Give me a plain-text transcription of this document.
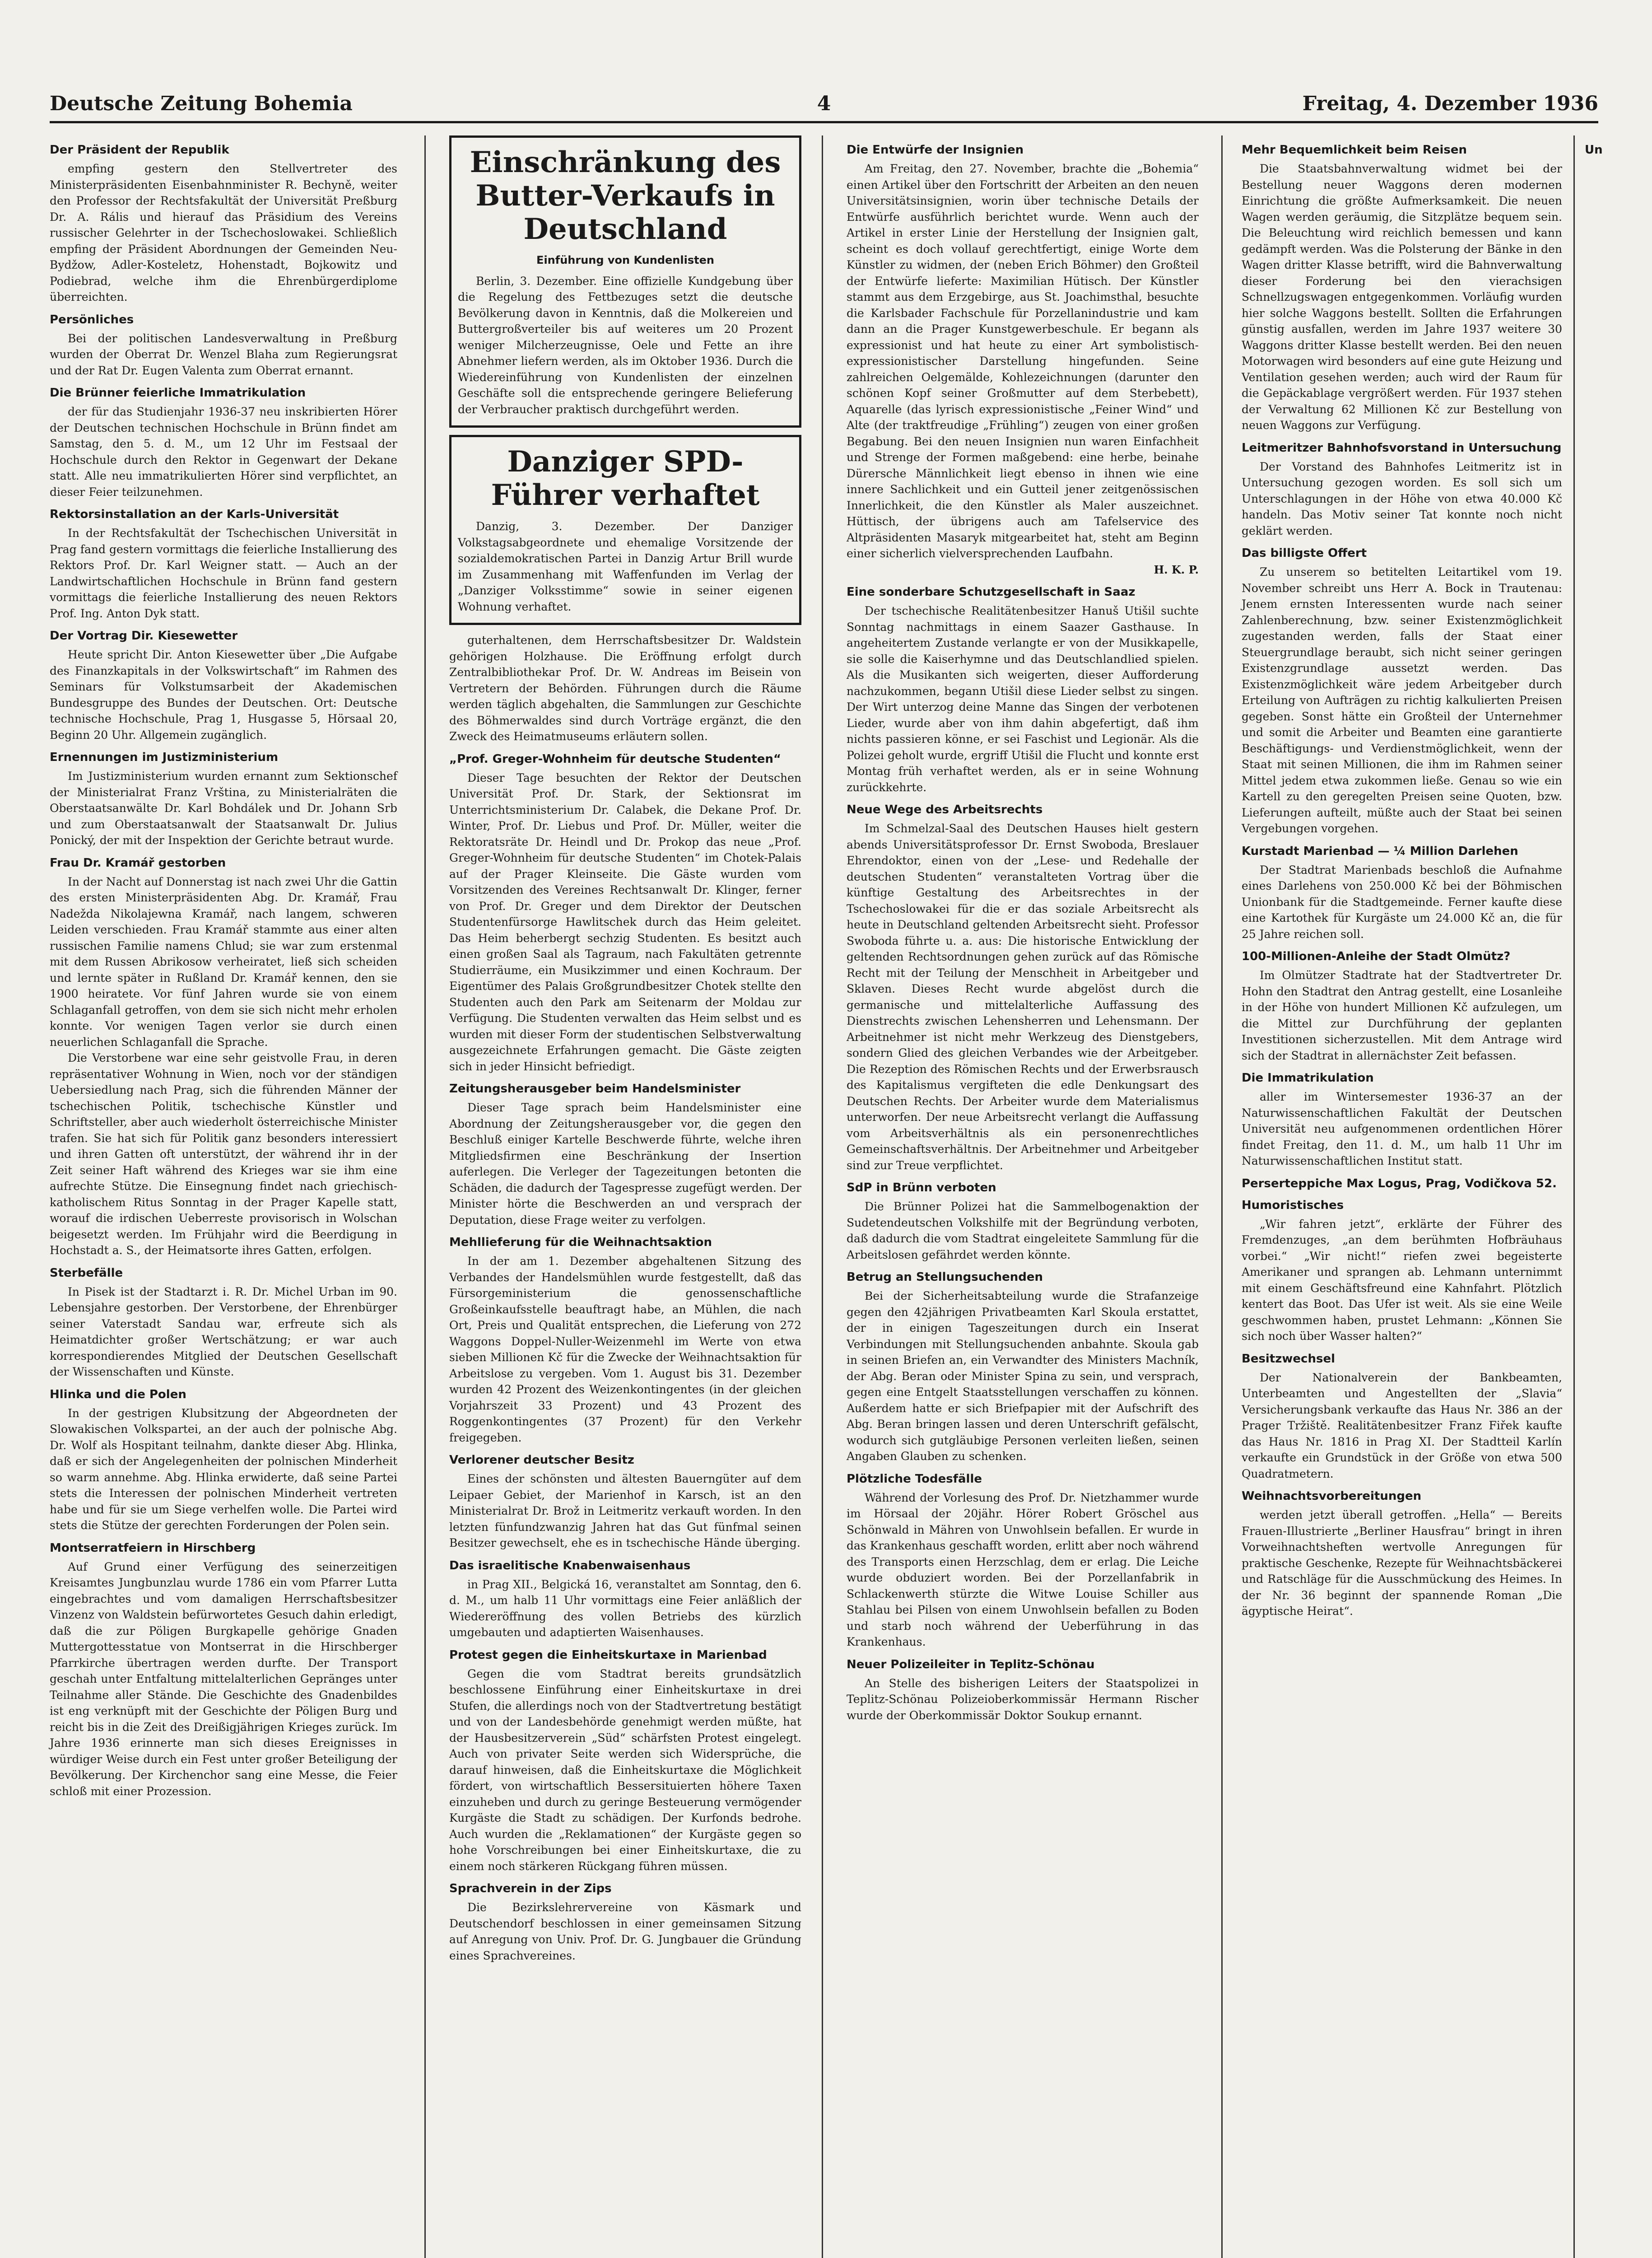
Deutsche Zeitung Bohemia	4	Freitag, 4. Dezember 1936
Der Präsident der Republik

empfing gestern den Stellvertreter des Ministerpräsidenten Eisenbahnminister R. Bechyně, weiter den Professor der Rechtsfakultät der Universität Preßburg Dr. A. Rális und hierauf das Präsidium des Vereins russischer Gelehrter in der Tschechoslowakei. Schließlich empfing der Präsident Abordnungen der Gemeinden Neu-Bydžow, Adler-Kosteletz, Hohenstadt, Bojkowitz und Podiebrad, welche ihm die Ehrenbürgerdiplome überreichten.

Persönliches

Bei der politischen Landesverwaltung in Preßburg wurden der Oberrat Dr. Wenzel Blaha zum Regierungsrat und der Rat Dr. Eugen Valenta zum Oberrat ernannt.

Die Brünner feierliche Immatrikulation

der für das Studienjahr 1936-37 neu inskribierten Hörer der Deutschen technischen Hochschule in Brünn findet am Samstag, den 5. d. M., um 12 Uhr im Festsaal der Hochschule durch den Rektor in Gegenwart der Dekane statt. Alle neu immatrikulierten Hörer sind verpflichtet, an dieser Feier teilzunehmen.

Rektorsinstallation an der Karls-Universität

In der Rechtsfakultät der Tschechischen Universität in Prag fand gestern vormittags die feierliche Installierung des Rektors Prof. Dr. Karl Weigner statt. — Auch an der Landwirtschaftlichen Hochschule in Brünn fand gestern vormittags die feierliche Installierung des neuen Rektors Prof. Ing. Anton Dyk statt.

Der Vortrag Dir. Kiesewetter

Heute spricht Dir. Anton Kiesewetter über „Die Aufgabe des Finanzkapitals in der Volkswirtschaft“ im Rahmen des Seminars für Volkstumsarbeit der Akademischen Bundesgruppe des Bundes der Deutschen. Ort: Deutsche technische Hochschule, Prag 1, Husgasse 5, Hörsaal 20, Beginn 20 Uhr. Allgemein zugänglich.

Ernennungen im Justizministerium

Im Justizministerium wurden ernannt zum Sektionschef der Ministerialrat Franz Vrština, zu Ministerialräten die Oberstaatsanwälte Dr. Karl Bohdálek und Dr. Johann Srb und zum Oberstaatsanwalt der Staatsanwalt Dr. Julius Ponický, der mit der Inspektion der Gerichte betraut wurde.

Frau Dr. Kramář gestorben

In der Nacht auf Donnerstag ist nach zwei Uhr die Gattin des ersten Ministerpräsidenten Abg. Dr. Kramář, Frau Nadežda Nikolajewna Kramář, nach langem, schweren Leiden verschieden. Frau Kramář stammte aus einer alten russischen Familie namens Chlud; sie war zum erstenmal mit dem Russen Abrikosow verheiratet, ließ sich scheiden und lernte später in Rußland Dr. Kramář kennen, den sie 1900 heiratete. Vor fünf Jahren wurde sie von einem Schlaganfall getroffen, von dem sie sich nicht mehr erholen konnte. Vor wenigen Tagen verlor sie durch einen neuerlichen Schlaganfall die Sprache.

Die Verstorbene war eine sehr geistvolle Frau, in deren repräsentativer Wohnung in Wien, noch vor der ständigen Uebersiedlung nach Prag, sich die führenden Männer der tschechischen Politik, tschechische Künstler und Schriftsteller, aber auch wiederholt österreichische Minister trafen. Sie hat sich für Politik ganz besonders interessiert und ihren Gatten oft unterstützt, der während ihr in der Zeit seiner Haft während des Krieges war sie ihm eine aufrechte Stütze. Die Einsegnung findet nach griechisch-katholischem Ritus Sonntag in der Prager Kapelle statt, worauf die irdischen Ueberreste provisorisch in Wolschan beigesetzt werden. Im Frühjahr wird die Beerdigung in Hochstadt a. S., der Heimatsorte ihres Gatten, erfolgen.

Sterbefälle

In Pisek ist der Stadtarzt i. R. Dr. Michel Urban im 90. Lebensjahre gestorben. Der Verstorbene, der Ehrenbürger seiner Vaterstadt Sandau war, erfreute sich als Heimatdichter großer Wertschätzung; er war auch korrespondierendes Mitglied der Deutschen Gesellschaft der Wissenschaften und Künste.

Hlinka und die Polen

In der gestrigen Klubsitzung der Abgeordneten der Slowakischen Volkspartei, an der auch der polnische Abg. Dr. Wolf als Hospitant teilnahm, dankte dieser Abg. Hlinka, daß er sich der Angelegenheiten der polnischen Minderheit so warm annehme. Abg. Hlinka erwiderte, daß seine Partei stets die Interessen der polnischen Minderheit vertreten habe und für sie um Siege verhelfen wolle. Die Partei wird stets die Stütze der gerechten Forderungen der Polen sein.

Montserratfeiern in Hirschberg

Auf Grund einer Verfügung des seinerzeitigen Kreisamtes Jungbunzlau wurde 1786 ein vom Pfarrer Lutta eingebrachtes und vom damaligen Herrschaftsbesitzer Vinzenz von Waldstein befürwortetes Gesuch dahin erledigt, daß die zur Pöligen Burgkapelle gehörige Gnaden Muttergottesstatue von Montserrat in die Hirschberger Pfarrkirche übertragen werden durfte. Der Transport geschah unter Entfaltung mittelalterlichen Gepränges unter Teilnahme aller Stände. Die Geschichte des Gnadenbildes ist eng verknüpft mit der Geschichte der Pöligen Burg und reicht bis in die Zeit des Dreißigjährigen Krieges zurück. Im Jahre 1936 erinnerte man sich dieses Ereignisses in würdiger Weise durch ein Fest unter großer Beteiligung der Bevölkerung. Der Kirchenchor sang eine Messe, die Feier schloß mit einer Prozession.

Einschränkung des Butter-Verkaufs in Deutschland
Einführung von Kundenlisten

Berlin, 3. Dezember. Eine offizielle Kundgebung über die Regelung des Fettbezuges setzt die deutsche Bevölkerung davon in Kenntnis, daß die Molkereien und Buttergroßverteiler bis auf weiteres um 20 Prozent weniger Milcherzeugnisse, Oele und Fette an ihre Abnehmer liefern werden, als im Oktober 1936. Durch die Wiedereinführung von Kundenlisten der einzelnen Geschäfte soll die entsprechende geringere Belieferung der Verbraucher praktisch durchgeführt werden.

Danziger SPD-Führer verhaftet

Danzig, 3. Dezember. Der Danziger Volkstagsabgeordnete und ehemalige Vorsitzende der sozialdemokratischen Partei in Danzig Artur Brill wurde im Zusammenhang mit Waffenfunden im Verlag der „Danziger Volksstimme“ sowie in seiner eigenen Wohnung verhaftet.

guterhaltenen, dem Herrschaftsbesitzer Dr. Waldstein gehörigen Holzhause. Die Eröffnung erfolgt durch Zentralbibliothekar Prof. Dr. W. Andreas im Beisein von Vertretern der Behörden. Führungen durch die Räume werden täglich abgehalten, die Sammlungen zur Geschichte des Böhmerwaldes sind durch Vorträge ergänzt, die den Zweck des Heimatmuseums erläutern sollen.

„Prof. Greger-Wohnheim für deutsche Studenten“

Dieser Tage besuchten der Rektor der Deutschen Universität Prof. Dr. Stark, der Sektionsrat im Unterrichtsministerium Dr. Calabek, die Dekane Prof. Dr. Winter, Prof. Dr. Liebus und Prof. Dr. Müller, weiter die Rektoratsräte Dr. Heindl und Dr. Prokop das neue „Prof. Greger-Wohnheim für deutsche Studenten“ im Chotek-Palais auf der Prager Kleinseite. Die Gäste wurden vom Vorsitzenden des Vereines Rechtsanwalt Dr. Klinger, ferner von Prof. Dr. Greger und dem Direktor der Deutschen Studentenfürsorge Hawlitschek durch das Heim geleitet. Das Heim beherbergt sechzig Studenten. Es besitzt auch einen großen Saal als Tagraum, nach Fakultäten getrennte Studierräume, ein Musikzimmer und einen Kochraum. Der Eigentümer des Palais Großgrundbesitzer Chotek stellte den Studenten auch den Park am Seitenarm der Moldau zur Verfügung. Die Studenten verwalten das Heim selbst und es wurden mit dieser Form der studentischen Selbstverwaltung ausgezeichnete Erfahrungen gemacht. Die Gäste zeigten sich in jeder Hinsicht befriedigt.

Zeitungsherausgeber beim Handelsminister

Dieser Tage sprach beim Handelsminister eine Abordnung der Zeitungsherausgeber vor, die gegen den Beschluß einiger Kartelle Beschwerde führte, welche ihren Mitgliedsfirmen eine Beschränkung der Insertion auferlegen. Die Verleger der Tagezeitungen betonten die Schäden, die dadurch der Tagespresse zugefügt werden. Der Minister hörte die Beschwerden an und versprach der Deputation, diese Frage weiter zu verfolgen.

Mehllieferung für die Weihnachtsaktion

In der am 1. Dezember abgehaltenen Sitzung des Verbandes der Handelsmühlen wurde festgestellt, daß das Fürsorgeministerium die genossenschaftliche Großeinkaufsstelle beauftragt habe, an Mühlen, die nach Ort, Preis und Qualität entsprechen, die Lieferung von 272 Waggons Doppel-Nuller-Weizenmehl im Werte von etwa sieben Millionen Kč für die Zwecke der Weihnachtsaktion für Arbeitslose zu vergeben. Vom 1. August bis 31. Dezember wurden 42 Prozent des Weizenkontingentes (in der gleichen Vorjahrszeit 33 Prozent) und 43 Prozent des Roggenkontingentes (37 Prozent) für den Verkehr freigegeben.

Verlorener deutscher Besitz

Eines der schönsten und ältesten Bauerngüter auf dem Leipaer Gebiet, der Marienhof in Karsch, ist an den Ministerialrat Dr. Brož in Leitmeritz verkauft worden. In den letzten fünfundzwanzig Jahren hat das Gut fünfmal seinen Besitzer gewechselt, ehe es in tschechische Hände überging.

Das israelitische Knabenwaisenhaus

in Prag XII., Belgická 16, veranstaltet am Sonntag, den 6. d. M., um halb 11 Uhr vormittags eine Feier anläßlich der Wiedereröffnung des vollen Betriebs des kürzlich umgebauten und adaptierten Waisenhauses.

Protest gegen die Einheitskurtaxe in Marienbad

Gegen die vom Stadtrat bereits grundsätzlich beschlossene Einführung einer Einheitskurtaxe in drei Stufen, die allerdings noch von der Stadtvertretung bestätigt und von der Landesbehörde genehmigt werden müßte, hat der Hausbesitzerverein „Süd“ schärfsten Protest eingelegt. Auch von privater Seite werden sich Widersprüche, die darauf hinweisen, daß die Einheitskurtaxe die Möglichkeit fördert, von wirtschaftlich Bessersituierten höhere Taxen einzuheben und durch zu geringe Besteuerung vermögender Kurgäste die Stadt zu schädigen. Der Kurfonds bedrohe. Auch wurden die „Reklamationen“ der Kurgäste gegen so hohe Vorschreibungen bei einer Einheitskurtaxe, die zu einem noch stärkeren Rückgang führen müssen.

Sprachverein in der Zips

Die Bezirkslehrervereine von Käsmark und Deutschendorf beschlossen in einer gemeinsamen Sitzung auf Anregung von Univ. Prof. Dr. G. Jungbauer die Gründung eines Sprachvereines.

Die Entwürfe der Insignien

Am Freitag, den 27. November, brachte die „Bohemia“ einen Artikel über den Fortschritt der Arbeiten an den neuen Universitätsinsignien, worin über technische Details der Entwürfe ausführlich berichtet wurde. Wenn auch der Artikel in erster Linie der Herstellung der Insignien galt, scheint es doch vollauf gerechtfertigt, einige Worte dem Künstler zu widmen, der (neben Erich Böhmer) den Großteil der Entwürfe lieferte: Maximilian Hütisch. Der Künstler stammt aus dem Erzgebirge, aus St. Joachimsthal, besuchte die Karlsbader Fachschule für Porzellanindustrie und kam dann an die Prager Kunstgewerbeschule. Er begann als expressionist und hat heute zu einer Art symbolistisch-expressionistischer Darstellung hingefunden. Seine zahlreichen Oelgemälde, Kohlezeichnungen (darunter den schönen Kopf seiner Großmutter auf dem Sterbebett), Aquarelle (das lyrisch expressionistische „Feiner Wind“ und Alte (der traktfreudige „Frühling“) zeugen von einer großen Begabung. Bei den neuen Insignien nun waren Einfachheit und Strenge der Formen maßgebend: eine herbe, beinahe Dürersche Männlichkeit liegt ebenso in ihnen wie eine innere Sachlichkeit und ein Gutteil jener zeitgenössischen Innerlichkeit, die den Künstler als Maler auszeichnet. Hüttisch, der übrigens auch am Tafelservice des Altpräsidenten Masaryk mitgearbeitet hat, steht am Beginn einer sicherlich vielversprechenden Laufbahn.

H. K. P.
Eine sonderbare Schutzgesellschaft in Saaz

Der tschechische Realitätenbesitzer Hanuš Utišil suchte Sonntag nachmittags in einem Saazer Gasthause. In angeheitertem Zustande verlangte er von der Musikkapelle, sie solle die Kaiserhymne und das Deutschlandlied spielen. Als die Musikanten sich weigerten, dieser Aufforderung nachzukommen, begann Utišil diese Lieder selbst zu singen. Der Wirt unterzog deine Manne das Singen der verbotenen Lieder, wurde aber von ihm dahin abgefertigt, daß ihm nichts passieren könne, er sei Faschist und Legionär. Als die Polizei geholt wurde, ergriff Utišil die Flucht und konnte erst Montag früh verhaftet werden, als er in seine Wohnung zurückkehrte.

Neue Wege des Arbeitsrechts

Im Schmelzal-Saal des Deutschen Hauses hielt gestern abends Universitätsprofessor Dr. Ernst Swoboda, Breslauer Ehrendoktor, einen von der „Lese- und Redehalle der deutschen Studenten“ veranstalteten Vortrag über die künftige Gestaltung des Arbeitsrechtes in der Tschechoslowakei für die er das soziale Arbeitsrecht als heute in Deutschland geltenden Arbeitsrecht sieht. Professor Swoboda führte u. a. aus: Die historische Entwicklung der geltenden Rechtsordnungen gehen zurück auf das Römische Recht mit der Teilung der Menschheit in Arbeitgeber und Sklaven. Dieses Recht wurde abgelöst durch die germanische und mittelalterliche Auffassung des Dienstrechts zwischen Lehensherren und Lehensmann. Der Arbeitnehmer ist nicht mehr Werkzeug des Dienstgebers, sondern Glied des gleichen Verbandes wie der Arbeitgeber. Die Rezeption des Römischen Rechts und der Erwerbsrausch des Kapitalismus vergifteten die edle Denkungsart des Deutschen Rechts. Der Arbeiter wurde dem Materialismus unterworfen. Der neue Arbeitsrecht verlangt die Auffassung vom Arbeitsverhältnis als ein personenrechtliches Gemeinschaftsverhältnis. Der Arbeitnehmer und Arbeitgeber sind zur Treue verpflichtet.

SdP in Brünn verboten

Die Brünner Polizei hat die Sammelbogenaktion der Sudetendeutschen Volkshilfe mit der Begründung verboten, daß dadurch die vom Stadtrat eingeleitete Sammlung für die Arbeitslosen gefährdet werden könnte.

Betrug an Stellungsuchenden

Bei der Sicherheitsabteilung wurde die Strafanzeige gegen den 42jährigen Privatbeamten Karl Skoula erstattet, der in einigen Tageszeitungen durch ein Inserat Verbindungen mit Stellungsuchenden anbahnte. Skoula gab in seinen Briefen an, ein Verwandter des Ministers Machník, der Abg. Beran oder Minister Spina zu sein, und versprach, gegen eine Entgelt Staatsstellungen verschaffen zu können. Außerdem hatte er sich Briefpapier mit der Aufschrift des Abg. Beran bringen lassen und deren Unterschrift gefälscht, wodurch sich gutgläubige Personen verleiten ließen, seinen Angaben Glauben zu schenken.

Plötzliche Todesfälle

Während der Vorlesung des Prof. Dr. Nietzhammer wurde im Hörsaal der 20jähr. Hörer Robert Gröschel aus Schönwald in Mähren von Unwohlsein befallen. Er wurde in das Krankenhaus geschafft worden, erlitt aber noch während des Transports einen Herzschlag, dem er erlag. Die Leiche wurde obduziert worden. Bei der Porzellanfabrik in Schlackenwerth stürzte die Witwe Louise Schiller aus Stahlau bei Pilsen von einem Unwohlsein befallen zu Boden und starb noch während der Ueberführung in das Krankenhaus.

Neuer Polizeileiter in Teplitz-Schönau

An Stelle des bisherigen Leiters der Staatspolizei in Teplitz-Schönau Polizeioberkommissär Hermann Rischer wurde der Oberkommissär Doktor Soukup ernannt.

Mehr Bequemlichkeit beim Reisen

Die Staatsbahnverwaltung widmet bei der Bestellung neuer Waggons deren modernen Einrichtung die größte Aufmerksamkeit. Die neuen Wagen werden geräumig, die Sitzplätze bequem sein. Die Beleuchtung wird reichlich bemessen und kann gedämpft werden. Was die Polsterung der Bänke in den Wagen dritter Klasse betrifft, wird die Bahnverwaltung dieser Forderung bei den vierachsigen Schnellzugswagen entgegenkommen. Vorläufig wurden hier solche Waggons bestellt. Sollten die Erfahrungen günstig ausfallen, werden im Jahre 1937 weitere 30 Waggons dritter Klasse bestellt werden. Bei den neuen Motorwagen wird besonders auf eine gute Heizung und Ventilation gesehen werden; auch wird der Raum für die Gepäckablage vergrößert werden. Für 1937 stehen der Verwaltung 62 Millionen Kč zur Bestellung von neuen Waggons zur Verfügung.

Leitmeritzer Bahnhofsvorstand in Untersuchung

Der Vorstand des Bahnhofes Leitmeritz ist in Untersuchung gezogen worden. Es soll sich um Unterschlagungen in der Höhe von etwa 40.000 Kč handeln. Das Motiv seiner Tat konnte noch nicht geklärt werden.

Das billigste Offert

Zu unserem so betitelten Leitartikel vom 19. November schreibt uns Herr A. Bock in Trautenau: Jenem ernsten Interessenten wurde nach seiner Zahlenberechnung, bzw. seiner Existenzmöglichkeit zugestanden werden, falls der Staat einer Steuergrundlage beraubt, sich nicht seiner geringen Existenzgrundlage aussetzt werden. Das Existenzmöglichkeit wäre jedem Arbeitgeber durch Erteilung von Aufträgen zu richtig kalkulierten Preisen gegeben. Sonst hätte ein Großteil der Unternehmer und somit die Arbeiter und Beamten eine garantierte Beschäftigungs- und Verdienstmöglichkeit, wenn der Staat mit seinen Millionen, die ihm im Rahmen seiner Mittel jedem etwa zukommen ließe. Genau so wie ein Kartell zu den geregelten Preisen seine Quoten, bzw. Lieferungen aufteilt, müßte auch der Staat bei seinen Vergebungen vorgehen.

Kurstadt Marienbad — ¼ Million Darlehen

Der Stadtrat Marienbads beschloß die Aufnahme eines Darlehens von 250.000 Kč bei der Böhmischen Unionbank für die Stadtgemeinde. Ferner kaufte diese eine Kartothek für Kurgäste um 24.000 Kč an, die für 25 Jahre reichen soll.

100-Millionen-Anleihe der Stadt Olmütz?

Im Olmützer Stadtrate hat der Stadtvertreter Dr. Hohn den Stadtrat den Antrag gestellt, eine Losanleihe in der Höhe von hundert Millionen Kč aufzulegen, um die Mittel zur Durchführung der geplanten Investitionen sicherzustellen. Mit dem Antrage wird sich der Stadtrat in allernächster Zeit befassen.

Die Immatrikulation

aller im Wintersemester 1936-37 an der Naturwissenschaftlichen Fakultät der Deutschen Universität neu aufgenommenen ordentlichen Hörer findet Freitag, den 11. d. M., um halb 11 Uhr im Naturwissenschaftlichen Institut statt.

Perserteppiche Max Logus, Prag, Vodičkova 52.
Humoristisches

„Wir fahren jetzt“, erklärte der Führer des Fremdenzuges, „an dem berühmten Hofbräuhaus vorbei.“ „Wir nicht!“ riefen zwei begeisterte Amerikaner und sprangen ab. Lehmann unternimmt mit einem Geschäftsfreund eine Kahnfahrt. Plötzlich kentert das Boot. Das Ufer ist weit. Als sie eine Weile geschwommen haben, prustet Lehmann: „Können Sie sich noch über Wasser halten?“

Besitzwechsel

Der Nationalverein der Bankbeamten, Unterbeamten und Angestellten der „Slavia“ Versicherungsbank verkaufte das Haus Nr. 386 an der Prager Tržiště. Realitätenbesitzer Franz Fiřek kaufte das Haus Nr. 1816 in Prag XI. Der Stadtteil Karlín verkaufte ein Grundstück in der Größe von etwa 500 Quadratmetern.

Weihnachtsvorbereitungen

werden jetzt überall getroffen. „Hella“ — Bereits Frauen-Illustrierte „Berliner Hausfrau“ bringt in ihren Vorweihnachtsheften wertvolle Anregungen für praktische Geschenke, Rezepte für Weihnachtsbäckerei und Ratschläge für die Ausschmückung des Heimes. In der Nr. 36 beginnt der spannende Roman „Die ägyptische Heirat“.

Un
